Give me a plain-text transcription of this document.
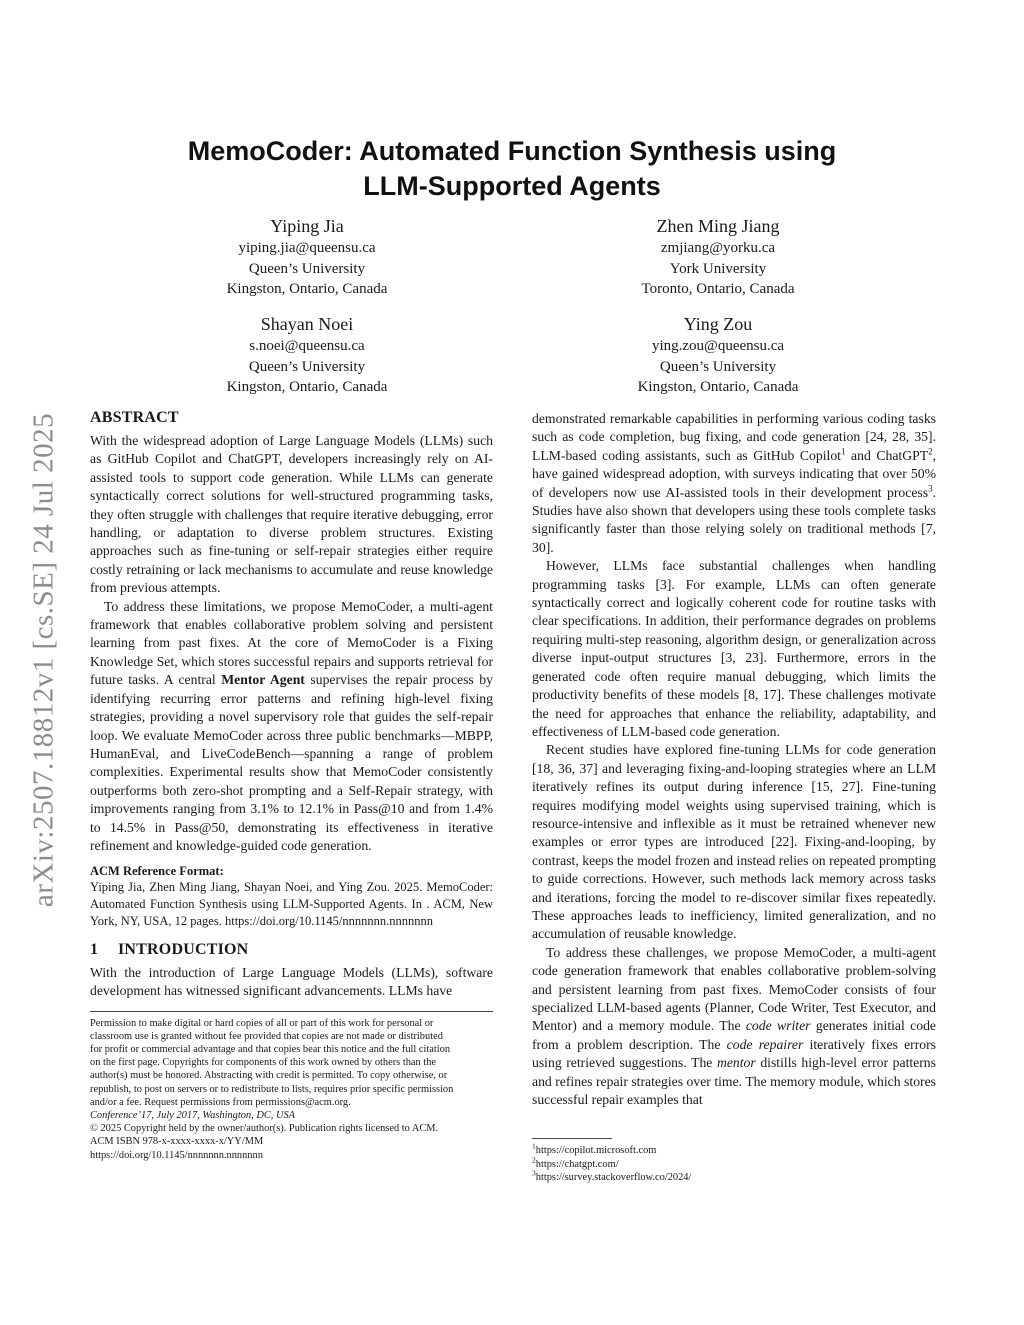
arXiv:2507.18812v1 [cs.SE] 24 Jul 2025
MemoCoder: Automated Function Synthesis using
LLM-Supported Agents
Yiping Jia
yiping.jia@queensu.ca
Queen’s University
Kingston, Ontario, Canada
Zhen Ming Jiang
zmjiang@yorku.ca
York University
Toronto, Ontario, Canada
Shayan Noei
s.noei@queensu.ca
Queen’s University
Kingston, Ontario, Canada
Ying Zou
ying.zou@queensu.ca
Queen’s University
Kingston, Ontario, Canada
ABSTRACT

With the widespread adoption of Large Language Models (LLMs) such as GitHub Copilot and ChatGPT, developers increasingly rely on AI-assisted tools to support code generation. While LLMs can generate syntactically correct solutions for well-structured programming tasks, they often struggle with challenges that require iterative debugging, error handling, or adaptation to diverse problem structures. Existing approaches such as fine-tuning or self-repair strategies either require costly retraining or lack mechanisms to accumulate and reuse knowledge from previous attempts.

To address these limitations, we propose MemoCoder, a multi-agent framework that enables collaborative problem solving and persistent learning from past fixes. At the core of MemoCoder is a Fixing Knowledge Set, which stores successful repairs and supports retrieval for future tasks. A central Mentor Agent supervises the repair process by identifying recurring error patterns and refining high-level fixing strategies, providing a novel supervisory role that guides the self-repair loop. We evaluate MemoCoder across three public benchmarks—MBPP, HumanEval, and LiveCodeBench—spanning a range of problem complexities. Experimental results show that MemoCoder consistently outperforms both zero-shot prompting and a Self-Repair strategy, with improvements ranging from 3.1% to 12.1% in Pass@10 and from 1.4% to 14.5% in Pass@50, demonstrating its effectiveness in iterative refinement and knowledge-guided code generation.

ACM Reference Format:
Yiping Jia, Zhen Ming Jiang, Shayan Noei, and Ying Zou. 2025. MemoCoder: Automated Function Synthesis using LLM-Supported Agents. In . ACM, New York, NY, USA, 12 pages. https://doi.org/10.1145/nnnnnnn.nnnnnnn
1 INTRODUCTION

With the introduction of Large Language Models (LLMs), software development has witnessed significant advancements. LLMs have

Permission to make digital or hard copies of all or part of this work for personal or
classroom use is granted without fee provided that copies are not made or distributed
for profit or commercial advantage and that copies bear this notice and the full citation
on the first page. Copyrights for components of this work owned by others than the
author(s) must be honored. Abstracting with credit is permitted. To copy otherwise, or
republish, to post on servers or to redistribute to lists, requires prior specific permission
and/or a fee. Request permissions from permissions@acm.org.
Conference’17, July 2017, Washington, DC, USA
© 2025 Copyright held by the owner/author(s). Publication rights licensed to ACM.
ACM ISBN 978-x-xxxx-xxxx-x/YY/MM
https://doi.org/10.1145/nnnnnnn.nnnnnnn

demonstrated remarkable capabilities in performing various coding tasks such as code completion, bug fixing, and code generation [24, 28, 35]. LLM-based coding assistants, such as GitHub Copilot$^1$ and ChatGPT$^2$, have gained widespread adoption, with surveys indicating that over 50% of developers now use AI-assisted tools in their development process$^3$. Studies have also shown that developers using these tools complete tasks significantly faster than those relying solely on traditional methods [7, 30].

However, LLMs face substantial challenges when handling programming tasks [3]. For example, LLMs can often generate syntactically correct and logically coherent code for routine tasks with clear specifications. In addition, their performance degrades on problems requiring multi-step reasoning, algorithm design, or generalization across diverse input-output structures [3, 23]. Furthermore, errors in the generated code often require manual debugging, which limits the productivity benefits of these models [8, 17]. These challenges motivate the need for approaches that enhance the reliability, adaptability, and effectiveness of LLM-based code generation.

Recent studies have explored fine-tuning LLMs for code generation [18, 36, 37] and leveraging fixing-and-looping strategies where an LLM iteratively refines its output during inference [15, 27]. Fine-tuning requires modifying model weights using supervised training, which is resource-intensive and inflexible as it must be retrained whenever new examples or error types are introduced [22]. Fixing-and-looping, by contrast, keeps the model frozen and instead relies on repeated prompting to guide corrections. However, such methods lack memory across tasks and iterations, forcing the model to re-discover similar fixes repeatedly. These approaches leads to inefficiency, limited generalization, and no accumulation of reusable knowledge.

To address these challenges, we propose MemoCoder, a multi-agent code generation framework that enables collaborative problem-solving and persistent learning from past fixes. MemoCoder consists of four specialized LLM-based agents (Planner, Code Writer, Test Executor, and Mentor) and a memory module. The code writer generates initial code from a problem description. The code repairer iteratively fixes errors using retrieved suggestions. The mentor distills high-level error patterns and refines repair strategies over time. The memory module, which stores successful repair examples that

$^1$https://copilot.microsoft.com
$^2$https://chatgpt.com/
$^3$https://survey.stackoverflow.co/2024/
